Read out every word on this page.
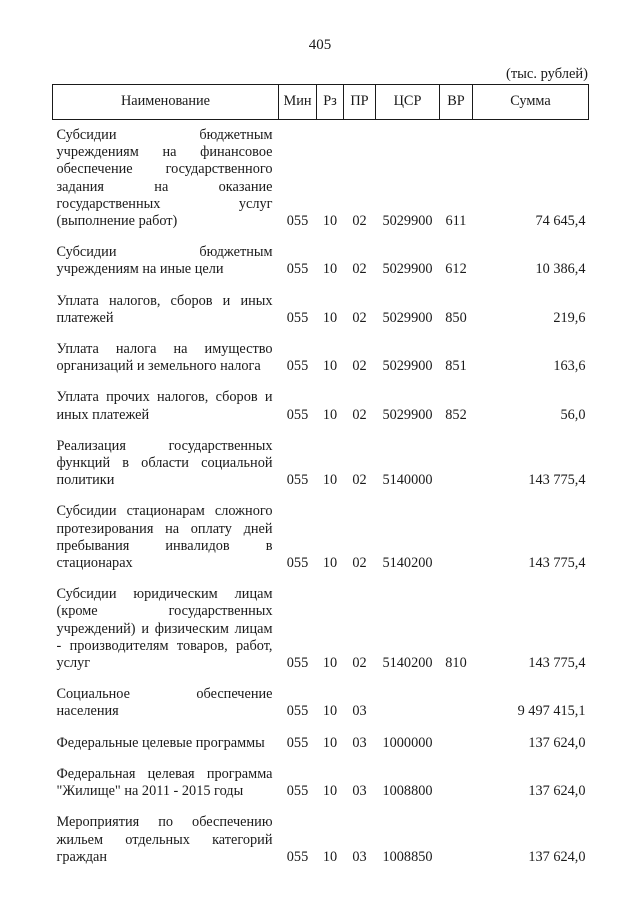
405
(тыс. рублей)
Наименование	Мин	Рз	ПР	ЦСР	ВР	Сумма
Субсидии бюджетным учреждениям на финансовое обеспечение государственного задания на оказание государственных услуг (выполнение работ)	055	10	02	5029900	611	74 645,4
Субсидии бюджетным учреждениям на иные цели	055	10	02	5029900	612	10 386,4
Уплата налогов, сборов и иных платежей	055	10	02	5029900	850	219,6
Уплата налога на имущество организаций и земельного налога	055	10	02	5029900	851	163,6
Уплата прочих налогов, сборов и иных платежей	055	10	02	5029900	852	56,0
Реализация государственных функций в области социальной политики	055	10	02	5140000		143 775,4
Субсидии стационарам сложного протезирования на оплату дней пребывания инвалидов в стационарах	055	10	02	5140200		143 775,4
Субсидии юридическим лицам (кроме государственных учреждений) и физическим лицам - производителям товаров, работ, услуг	055	10	02	5140200	810	143 775,4
Социальное обеспечение населения	055	10	03			9 497 415,1
Федеральные целевые программы	055	10	03	1000000		137 624,0
Федеральная целевая программа "Жилище" на 2011 - 2015 годы	055	10	03	1008800		137 624,0
Мероприятия по обеспечению жильем отдельных категорий граждан	055	10	03	1008850		137 624,0
